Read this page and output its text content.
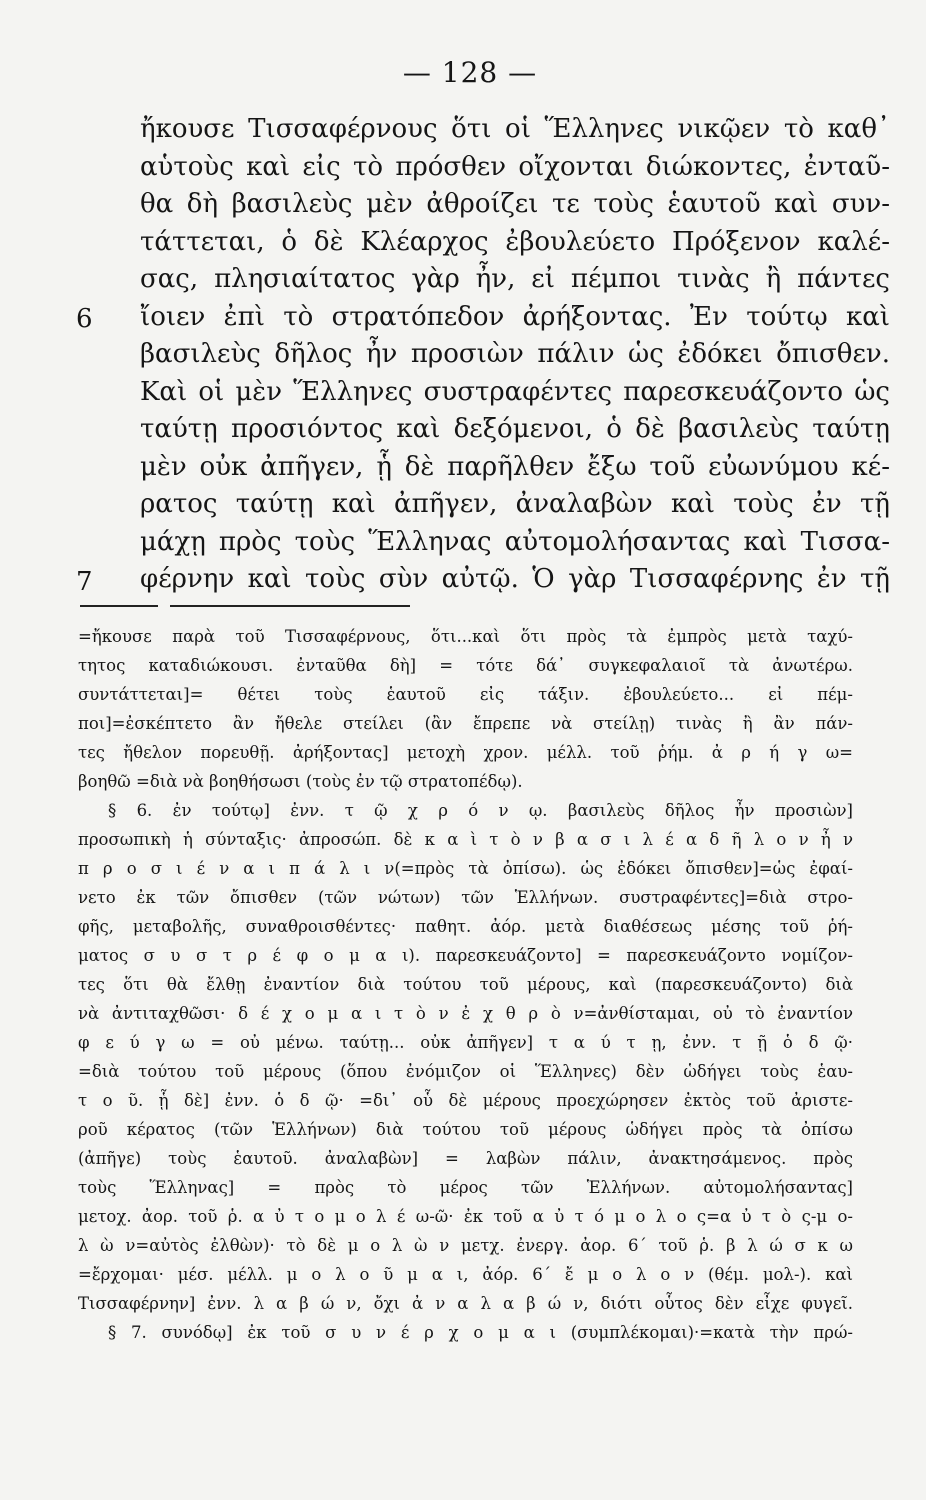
— 128 —
6
7
ἤκουσε Τισσαφέρνους ὅτι οἱ Ἕλληνες νικῷεν τὸ καθ᾽
αὑτοὺς καὶ εἰς τὸ πρόσθεν οἴχονται διώκοντες, ἐνταῦ-
θα δὴ βασιλεὺς μὲν ἀθροίζει τε τοὺς ἑαυτοῦ καὶ συν-
τάττεται, ὁ δὲ Κλέαρχος ἐβουλεύετο Πρόξενον καλέ-
σας, πλησιαίτατος γὰρ ἦν, εἰ πέμποι τινὰς ἢ πάντες
ἴοιεν ἐπὶ τὸ στρατόπεδον ἀρήξοντας. Ἐν τούτῳ καὶ
βασιλεὺς δῆλος ἦν προσιὼν πάλιν ὡς ἐδόκει ὄπισθεν.
Καὶ οἱ μὲν Ἕλληνες συστραφέντες παρεσκευάζοντο ὡς
ταύτῃ προσιόντος καὶ δεξόμενοι, ὁ δὲ βασιλεὺς ταύτῃ
μὲν οὐκ ἀπῆγεν, ᾗ δὲ παρῆλθεν ἔξω τοῦ εὐωνύμου κέ-
ρατος ταύτῃ καὶ ἀπῆγεν, ἀναλαβὼν καὶ τοὺς ἐν τῇ
μάχῃ πρὸς τοὺς Ἕλληνας αὐτομολήσαντας καὶ Τισσα-
φέρνην καὶ τοὺς σὺν αὐτῷ. Ὁ γὰρ Τισσαφέρνης ἐν τῇ
=ἤκουσε παρὰ τοῦ Τισσαφέρνους, ὅτι...καὶ ὅτι πρὸς τὰ ἐμπρὸς μετὰ ταχύ-
τητος καταδιώκουσι. ἐνταῦθα δὴ] = τότε δά᾽ συγκεφαλαιοῖ τὰ ἀνωτέρω.
συντάττεται]= θέτει τοὺς ἑαυτοῦ εἰς τάξιν. ἐβουλεύετο... εἰ πέμ-
ποι]=ἐσκέπτετο ἂν ἤθελε στείλει (ἂν ἔπρεπε νὰ στείλῃ) τινὰς ἢ ἂν πάν-
τες ἤθελον πορευθῇ. ἀρήξοντας] μετοχὴ χρον. μέλλ. τοῦ ῥήμ. ἀ ρ ή γ ω=
βοηθῶ =διὰ νὰ βοηθήσωσι (τοὺς ἐν τῷ στρατοπέδῳ).
§ 6. ἐν τούτῳ] ἐνν. τ ῷ χ ρ ό ν ῳ. βασιλεὺς δῆλος ἦν προσιὼν]
προσωπικὴ ἡ σύνταξις· ἀπροσώπ. δὲ κ α ὶ τ ὸ ν β α σ ι λ έ α δ ῆ λ ο ν ἦ ν
π ρ ο σ ι έ ν α ι π ά λ ι ν(=πρὸς τὰ ὀπίσω). ὡς ἐδόκει ὄπισθεν]=ὡς ἐφαί-
νετο ἐκ τῶν ὄπισθεν (τῶν νώτων) τῶν Ἑλλήνων. συστραφέντες]=διὰ στρο-
φῆς, μεταβολῆς, συναθροισθέντες· παθητ. ἀόρ. μετὰ διαθέσεως μέσης τοῦ ῥή-
ματος σ υ σ τ ρ έ φ ο μ α ι). παρεσκευάζοντο] = παρεσκευάζοντο νομίζον-
τες ὅτι θὰ ἔλθῃ ἐναντίον διὰ τούτου τοῦ μέρους, καὶ (παρεσκευάζοντο) διὰ
νὰ ἀντιταχθῶσι· δ έ χ ο μ α ι τ ὸ ν ἐ χ θ ρ ὸ ν=ἀνθίσταμαι, οὐ τὸ ἐναντίον
φ ε ύ γ ω = οὐ μένω. ταύτῃ... οὐκ ἀπῆγεν] τ α ύ τ ῃ, ἐνν. τ ῇ ὁ δ ῷ·
=διὰ τούτου τοῦ μέρους (ὅπου ἐνόμιζον οἱ Ἕλληνες) δὲν ὡδήγει τοὺς ἑαυ-
τ ο ῦ. ᾗ δὲ] ἐνν. ὁ δ ῷ· =δι᾽ οὗ δὲ μέρους προεχώρησεν ἐκτὸς τοῦ ἀριστε-
ροῦ κέρατος (τῶν Ἑλλήνων) διὰ τούτου τοῦ μέρους ὡδήγει πρὸς τὰ ὀπίσω
(ἀπῆγε) τοὺς ἑαυτοῦ. ἀναλαβὼν] = λαβὼν πάλιν, ἀνακτησάμενος. πρὸς
τοὺς Ἕλληνας] = πρὸς τὸ μέρος τῶν Ἑλλήνων. αὐτομολήσαντας]
μετοχ. ἀορ. τοῦ ῥ. α ὐ τ ο μ ο λ έ ω-ῶ· ἐκ τοῦ α ὐ τ ό μ ο λ ο ς=α ὐ τ ὸ ς-μ ο-
λ ὼ ν=αὐτὸς ἐλθὼν)· τὸ δὲ μ ο λ ὼ ν μετχ. ἐνεργ. ἀορ. 6΄ τοῦ ῥ. β λ ώ σ κ ω
=ἔρχομαι· μέσ. μέλλ. μ ο λ ο ῦ μ α ι, ἀόρ. 6΄ ἔ μ ο λ ο ν (θέμ. μολ-). καὶ
Τισσαφέρνην] ἐνν. λ α β ώ ν, ὄχι ἀ ν α λ α β ώ ν, διότι οὗτος δὲν εἶχε φυγεῖ.
§ 7. συνόδῳ] ἐκ τοῦ σ υ ν έ ρ χ ο μ α ι (συμπλέκομαι)·=κατὰ τὴν πρώ-
